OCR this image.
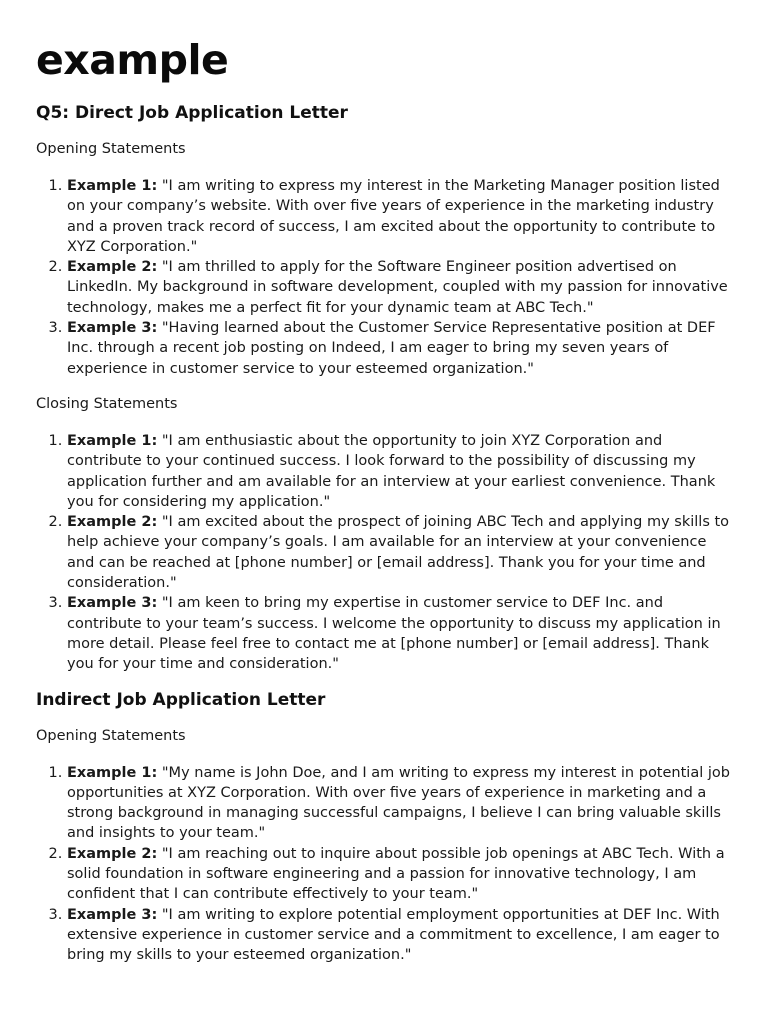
example
Q5: Direct Job Application Letter

Opening Statements

1. Example 1: "I am writing to express my interest in the Marketing Manager position listed on your company’s website. With over five years of experience in the marketing industry and a proven track record of success, I am excited about the opportunity to contribute to XYZ Corporation."
2. Example 2: "I am thrilled to apply for the Software Engineer position advertised on LinkedIn. My background in software development, coupled with my passion for innovative technology, makes me a perfect fit for your dynamic team at ABC Tech."
3. Example 3: "Having learned about the Customer Service Representative position at DEF Inc. through a recent job posting on Indeed, I am eager to bring my seven years of experience in customer service to your esteemed organization."

Closing Statements

1. Example 1: "I am enthusiastic about the opportunity to join XYZ Corporation and contribute to your continued success. I look forward to the possibility of discussing my application further and am available for an interview at your earliest convenience. Thank you for considering my application."
2. Example 2: "I am excited about the prospect of joining ABC Tech and applying my skills to help achieve your company’s goals. I am available for an interview at your convenience and can be reached at [phone number] or [email address]. Thank you for your time and consideration."
3. Example 3: "I am keen to bring my expertise in customer service to DEF Inc. and contribute to your team’s success. I welcome the opportunity to discuss my application in more detail. Please feel free to contact me at [phone number] or [email address]. Thank you for your time and consideration."
Indirect Job Application Letter

Opening Statements

1. Example 1: "My name is John Doe, and I am writing to express my interest in potential job opportunities at XYZ Corporation. With over five years of experience in marketing and a strong background in managing successful campaigns, I believe I can bring valuable skills and insights to your team."
2. Example 2: "I am reaching out to inquire about possible job openings at ABC Tech. With a solid foundation in software engineering and a passion for innovative technology, I am confident that I can contribute effectively to your team."
3. Example 3: "I am writing to explore potential employment opportunities at DEF Inc. With extensive experience in customer service and a commitment to excellence, I am eager to bring my skills to your esteemed organization."
